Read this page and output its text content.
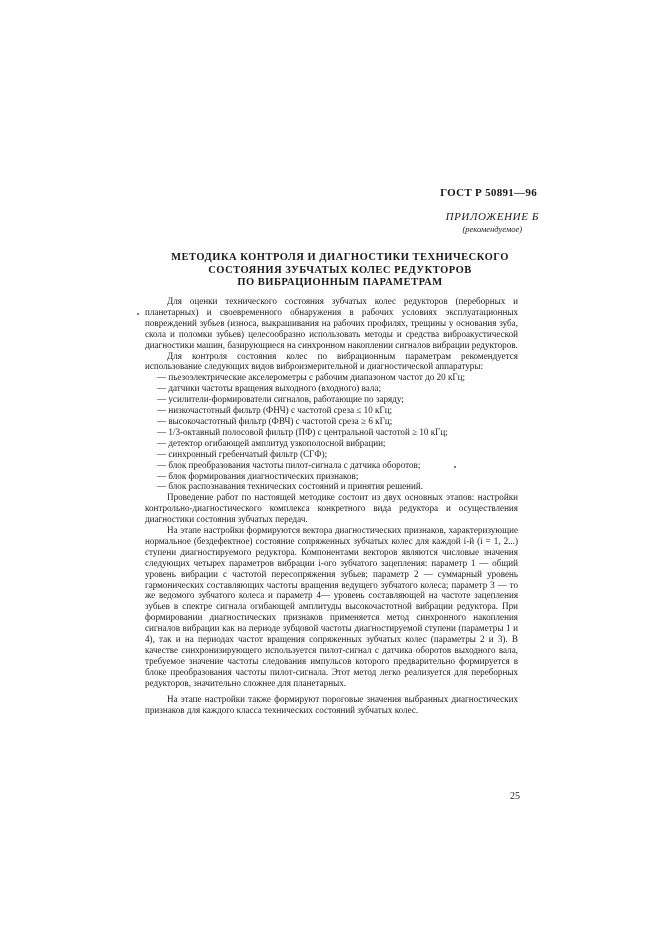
ГОСТ Р 50891—96
ПРИЛОЖЕНИЕ Б
(рекомендуемое)
МЕТОДИКА КОНТРОЛЯ И ДИАГНОСТИКИ ТЕХНИЧЕСКОГО
СОСТОЯНИЯ ЗУБЧАТЫХ КОЛЕС РЕДУКТОРОВ
ПО ВИБРАЦИОННЫМ ПАРАМЕТРАМ

Для оценки технического состояния зубчатых колес редукторов (переборных и планетарных) и своевременного обнаружения в рабочих условиях эксплуатационных повреждений зубьев (износа, выкрашивания на рабочих профилях, трещины у основания зуба, скола и поломки зубьев) целесообразно использовать методы и средства виброакустической диагностики машин, базирующиеся на синхронном накоплении сигналов вибрации редукторов.

Для контроля состояния колес по вибрационным параметрам рекомендуется использование следующих видов виброизмерительной и диагностической аппаратуры:

— пьезоэлектрические акселерометры с рабочим диапазоном частот до 20 кГц;
— датчики частоты вращения выходного (входного) вала;
— усилители-формирователи сигналов, работающие по заряду;
— низкочастотный фильтр (ФНЧ) с частотой среза ≤ 10 кГц;
— высокочастотный фильтр (ФВЧ) с частотой среза ≥ 6 кГц;
— 1/3-октавный полосовой фильтр (ПФ) с центральной частотой ≥ 10 кГц;
— детектор огибающей амплитуд узкополосной вибрации;
— синхронный гребенчатый фильтр (СГФ);
— блок преобразования частоты пилот-сигнала с датчика оборотов;
— блок формирования диагностических признаков;
— блок распознавания технических состояний и принятия решений.

Проведение работ по настоящей методике состоит из двух основных этапов: настройки контрольно-диагностического комплекса конкретного вида редуктора и осуществления диагностики состояния зубчатых передач.

На этапе настройки формируются вектора диагностических признаков, характеризующие нормальное (бездефектное) состояние сопряженных зубчатых колес для каждой i-й (i = 1, 2...) ступени диагностируемого редуктора. Компонентами векторов являются числовые значения следующих четырех параметров вибрации i-ого зубчатого зацепления: параметр 1 — общий уровень вибрации с частотой пересопряжения зубьев; параметр 2 — суммарный уровень гармонических составляющих частоты вращения ведущего зубчатого колеса; параметр 3 — то же ведомого зубчатого колеса и параметр 4— уровень составляющей на частоте зацепления зубьев в спектре сигнала огибающей амплитуды высокочастотной вибрации редуктора. При формировании диагностических признаков применяется метод синхронного накопления сигналов вибрации как на периоде зубцовой частоты диагностируемой ступени (параметры 1 и 4), так и на периодах частот вращения сопряженных зубчатых колес (параметры 2 и 3). В качестве синхронизирующего используется пилот-сигнал с датчика оборотов выходного вала, требуемое значение частоты следования импульсов которого предварительно формируется в блоке преобразования частоты пилот-сигнала. Этот метод легко реализуется для переборных редукторов, значительно сложнее для планетарных.

На этапе настройки также формируют пороговые значения выбранных диагностических признаков для каждого класса технических состояний зубчатых колес.

25
